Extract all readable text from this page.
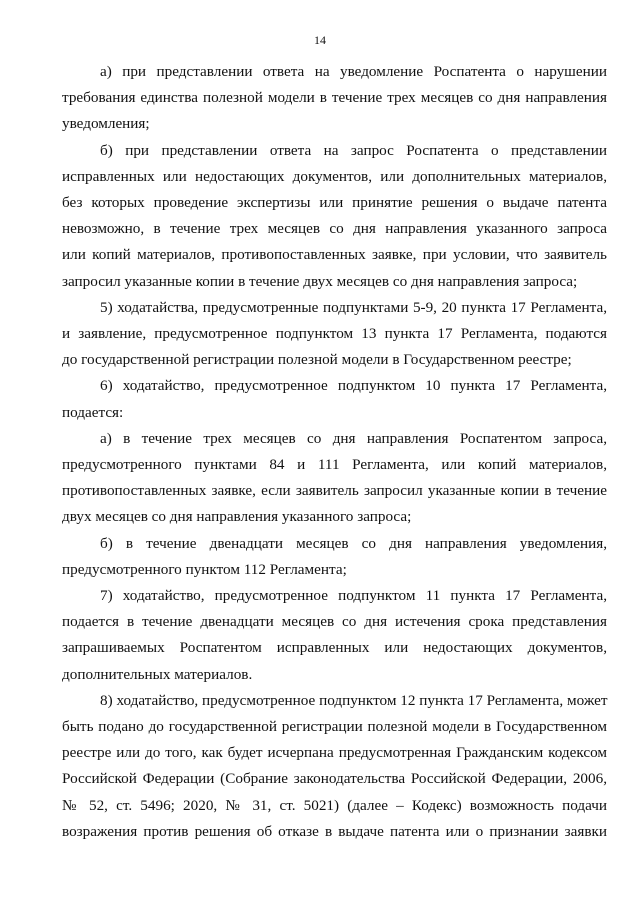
14

а) при представлении ответа на уведомление Роспатента о нарушении
требования единства полезной модели в течение трех месяцев со дня направления
уведомления;

б) при представлении ответа на запрос Роспатента о представлении
исправленных или недостающих документов, или дополнительных материалов,
без которых проведение экспертизы или принятие решения о выдаче патента
невозможно, в течение трех месяцев со дня направления указанного запроса
или копий материалов, противопоставленных заявке, при условии, что заявитель
запросил указанные копии в течение двух месяцев со дня направления запроса;

5) ходатайства, предусмотренные подпунктами 5-9, 20 пункта 17 Регламента,
и заявление, предусмотренное подпунктом 13 пункта 17 Регламента, подаются
до государственной регистрации полезной модели в Государственном реестре;

6) ходатайство, предусмотренное подпунктом 10 пункта 17 Регламента,
подается:

а) в течение трех месяцев со дня направления Роспатентом запроса,
предусмотренного пунктами 84 и 111 Регламента, или копий материалов,
противопоставленных заявке, если заявитель запросил указанные копии в течение
двух месяцев со дня направления указанного запроса;

б) в течение двенадцати месяцев со дня направления уведомления,
предусмотренного пунктом 112 Регламента;

7) ходатайство, предусмотренное подпунктом 11 пункта 17 Регламента,
подается в течение двенадцати месяцев со дня истечения срока представления
запрашиваемых Роспатентом исправленных или недостающих документов,
дополнительных материалов.

8) ходатайство, предусмотренное подпунктом 12 пункта 17 Регламента, может
быть подано до государственной регистрации полезной модели в Государственном
реестре или до того, как будет исчерпана предусмотренная Гражданским кодексом
Российской Федерации (Собрание законодательства Российской Федерации, 2006,
№ 52, ст. 5496; 2020, № 31, ст. 5021) (далее – Кодекс) возможность подачи
возражения против решения об отказе в выдаче патента или о признании заявки
